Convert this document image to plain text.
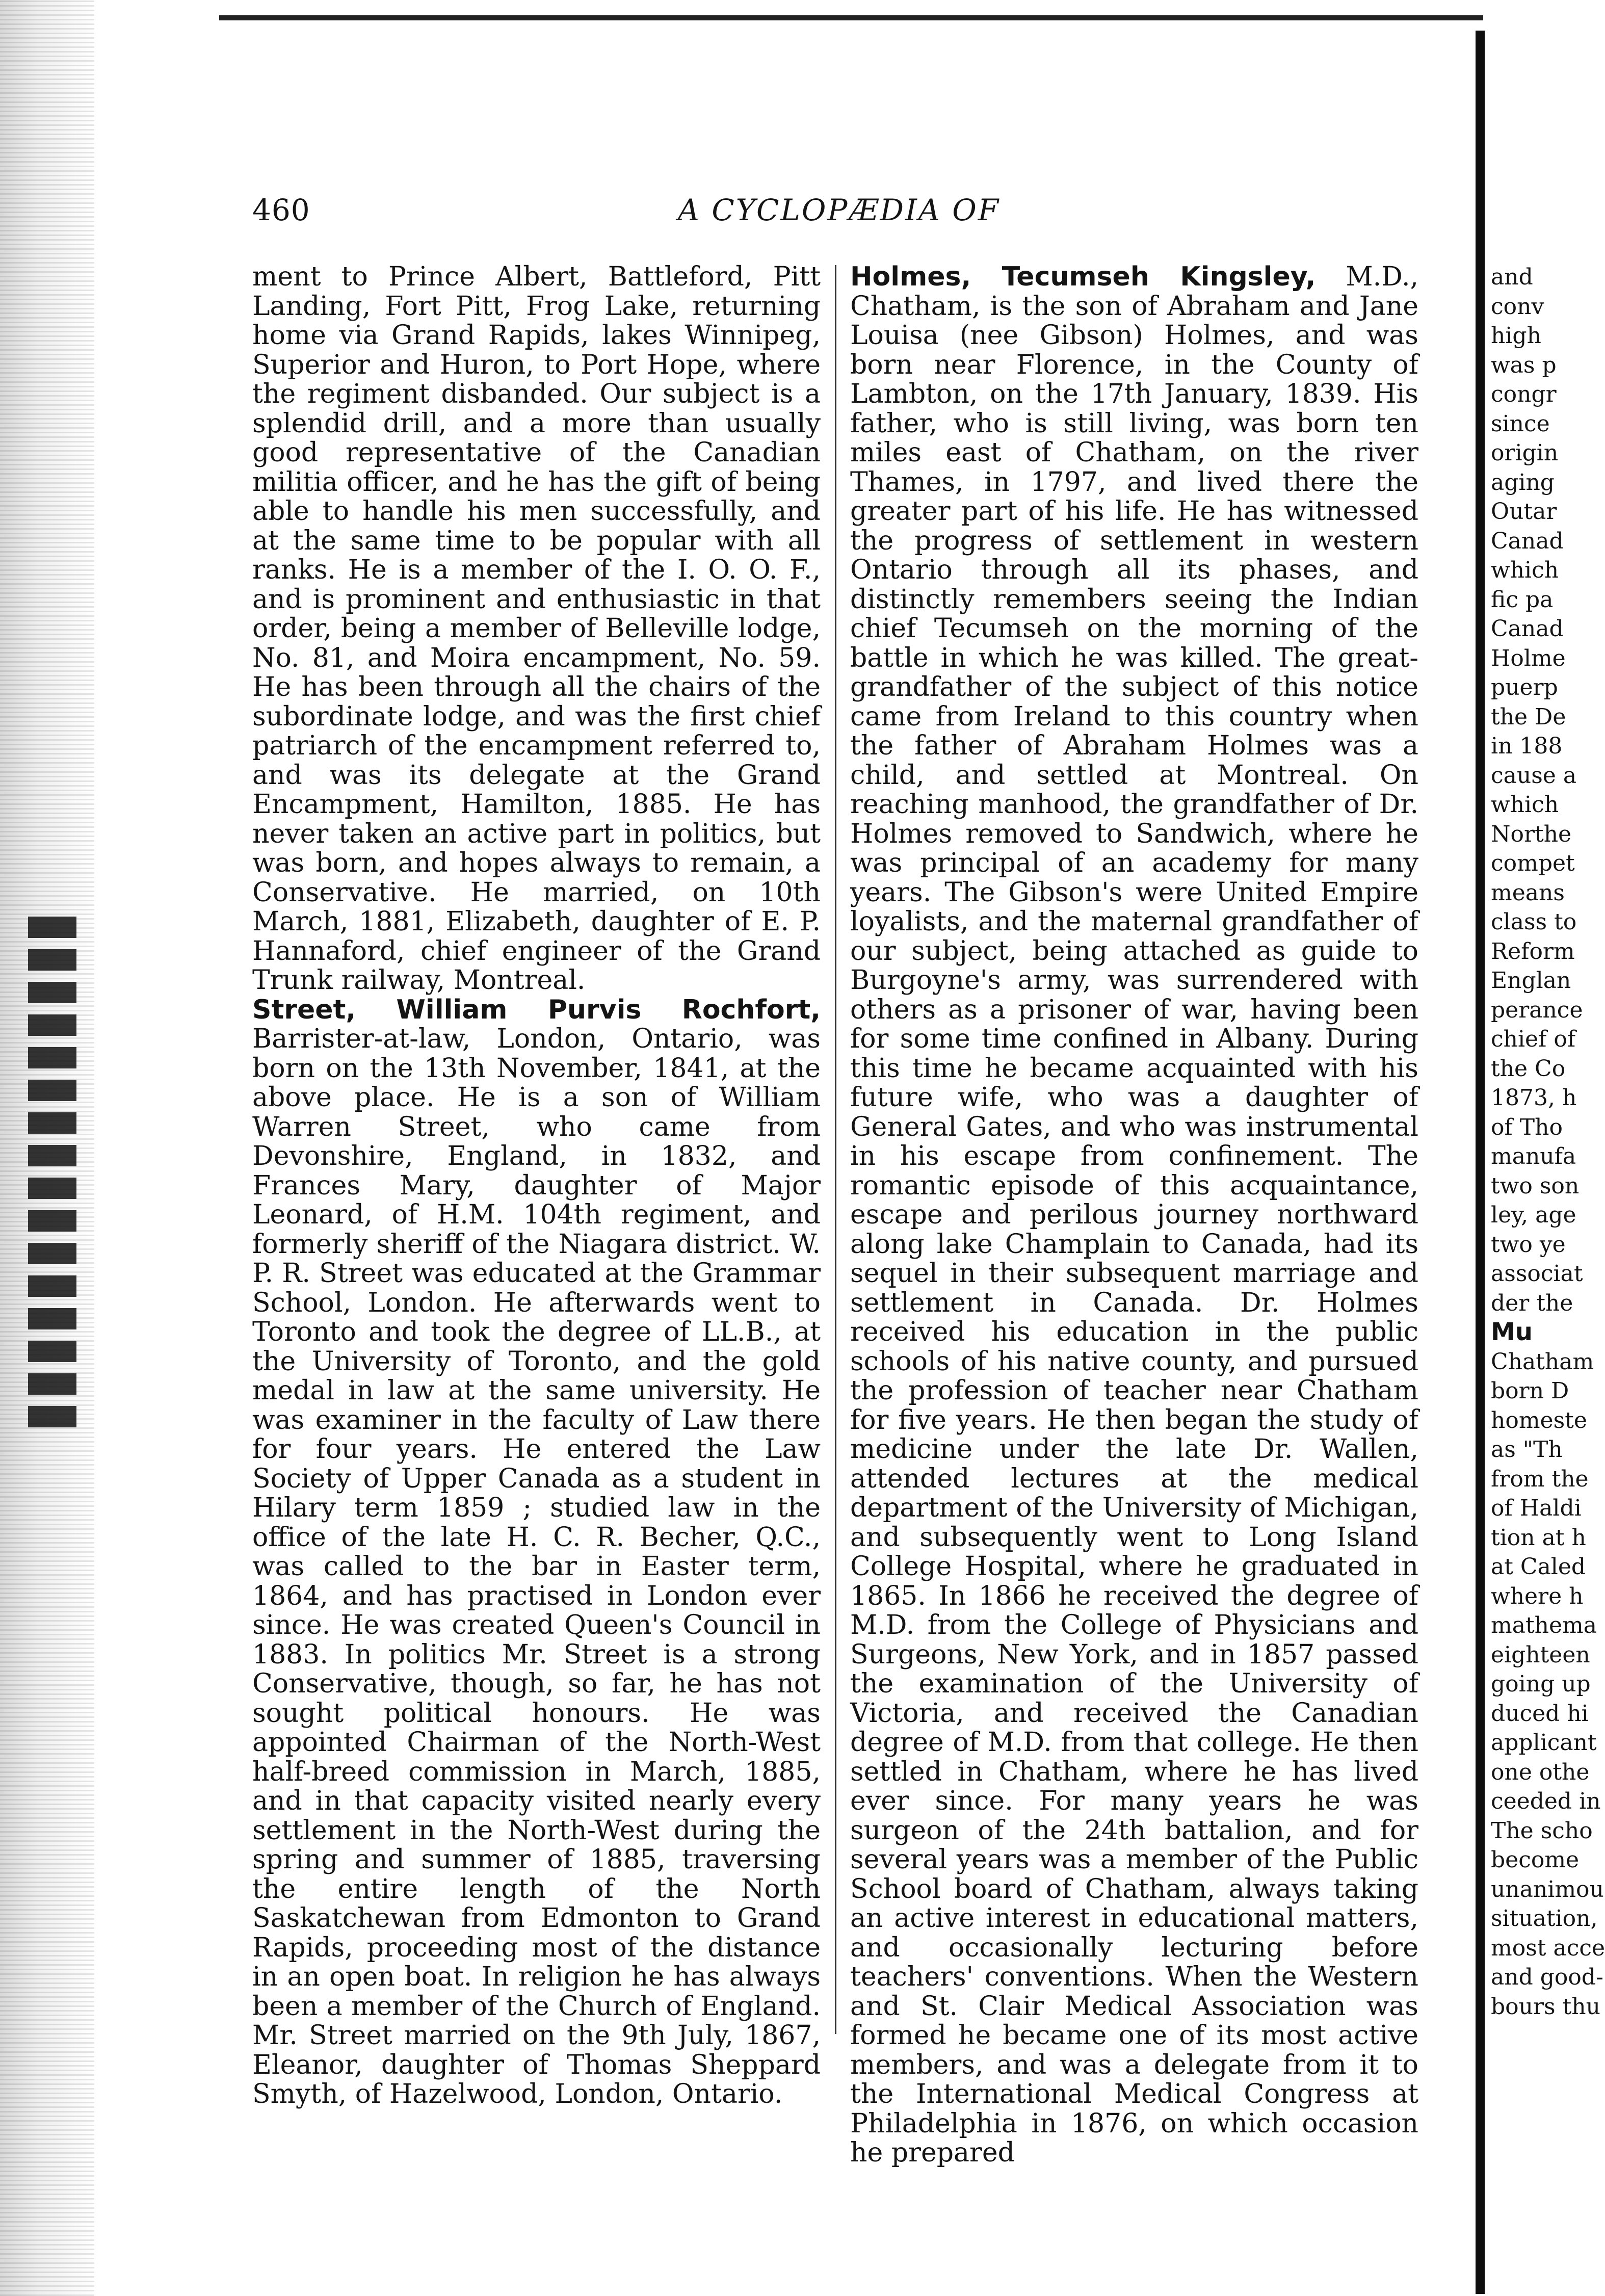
460	A CYCLOPÆDIA OF

ment to Prince Albert, Battleford, Pitt Landing, Fort Pitt, Frog Lake, returning home via Grand Rapids, lakes Winnipeg, Superior and Huron, to Port Hope, where the regiment disbanded. Our subject is a splendid drill, and a more than usually good representative of the Canadian militia officer, and he has the gift of being able to handle his men successfully, and at the same time to be popular with all ranks. He is a member of the I. O. O. F., and is prominent and enthusiastic in that order, being a member of Belleville lodge, No. 81, and Moira encampment, No. 59. He has been through all the chairs of the subordinate lodge, and was the first chief patriarch of the encampment referred to, and was its delegate at the Grand Encampment, Hamilton, 1885. He has never taken an active part in politics, but was born, and hopes always to remain, a Conservative. He married, on 10th March, 1881, Elizabeth, daughter of E. P. Hannaford, chief engineer of the Grand Trunk railway, Montreal.

Street, William Purvis Rochfort, Barrister-at-law, London, Ontario, was born on the 13th November, 1841, at the above place. He is a son of William Warren Street, who came from Devonshire, England, in 1832, and Frances Mary, daughter of Major Leonard, of H.M. 104th regiment, and formerly sheriff of the Niagara district. W. P. R. Street was educated at the Grammar School, London. He afterwards went to Toronto and took the degree of LL.B., at the University of Toronto, and the gold medal in law at the same university. He was examiner in the faculty of Law there for four years. He entered the Law Society of Upper Canada as a student in Hilary term 1859 ; studied law in the office of the late H. C. R. Becher, Q.C., was called to the bar in Easter term, 1864, and has practised in London ever since. He was created Queen's Council in 1883. In politics Mr. Street is a strong Conservative, though, so far, he has not sought political honours. He was appointed Chairman of the North-West half-breed commission in March, 1885, and in that capacity visited nearly every settlement in the North-West during the spring and summer of 1885, traversing the entire length of the North Saskatchewan from Edmonton to Grand Rapids, proceeding most of the distance in an open boat. In religion he has always been a member of the Church of England. Mr. Street married on the 9th July, 1867, Eleanor, daughter of Thomas Sheppard Smyth, of Hazelwood, London, Ontario.

Holmes, Tecumseh Kingsley, M.D., Chatham, is the son of Abraham and Jane Louisa (nee Gibson) Holmes, and was born near Florence, in the County of Lambton, on the 17th January, 1839. His father, who is still living, was born ten miles east of Chatham, on the river Thames, in 1797, and lived there the greater part of his life. He has witnessed the progress of settlement in western Ontario through all its phases, and distinctly remembers seeing the Indian chief Tecumseh on the morning of the battle in which he was killed. The great-grandfather of the subject of this notice came from Ireland to this country when the father of Abraham Holmes was a child, and settled at Montreal. On reaching manhood, the grandfather of Dr. Holmes removed to Sandwich, where he was principal of an academy for many years. The Gibson's were United Empire loyalists, and the maternal grandfather of our subject, being attached as guide to Burgoyne's army, was surrendered with others as a prisoner of war, having been for some time confined in Albany. During this time he became acquainted with his future wife, who was a daughter of General Gates, and who was instrumental in his escape from confinement. The romantic episode of this acquaintance, escape and perilous journey northward along lake Champlain to Canada, had its sequel in their subsequent marriage and settlement in Canada. Dr. Holmes received his education in the public schools of his native county, and pursued the profession of teacher near Chatham for five years. He then began the study of medicine under the late Dr. Wallen, attended lectures at the medical department of the University of Michigan, and subsequently went to Long Island College Hospital, where he graduated in 1865. In 1866 he received the degree of M.D. from the College of Physicians and Surgeons, New York, and in 1857 passed the examination of the University of Victoria, and received the Canadian degree of M.D. from that college. He then settled in Chatham, where he has lived ever since. For many years he was surgeon of the 24th battalion, and for several years was a member of the Public School board of Chatham, always taking an active interest in educational matters, and occasionally lecturing before teachers' conventions. When the Western and St. Clair Medical Association was formed he became one of its most active members, and was a delegate from it to the International Medical Congress at Philadelphia in 1876, on which occasion he prepared

and
conv
high
was p
congr
since
origin
aging
Outar
Canad
which
fic pa
Canad
Holme
puerp
the De
in 188
cause a
which
Northe
compet
means
class to
Reform
Englan
perance
chief of
the Co
1873, h
of Tho
manufa
two son
ley, age
two ye
associat
der the
Mu
Chatham
born D
homeste
as "Th
from the
of Haldi
tion at h
at Caled
where h
mathema
eighteen
going up
duced hi
applicant
one othe
ceeded in
The scho
become
unanimou
situation,
most acce
and good-
bours thu
